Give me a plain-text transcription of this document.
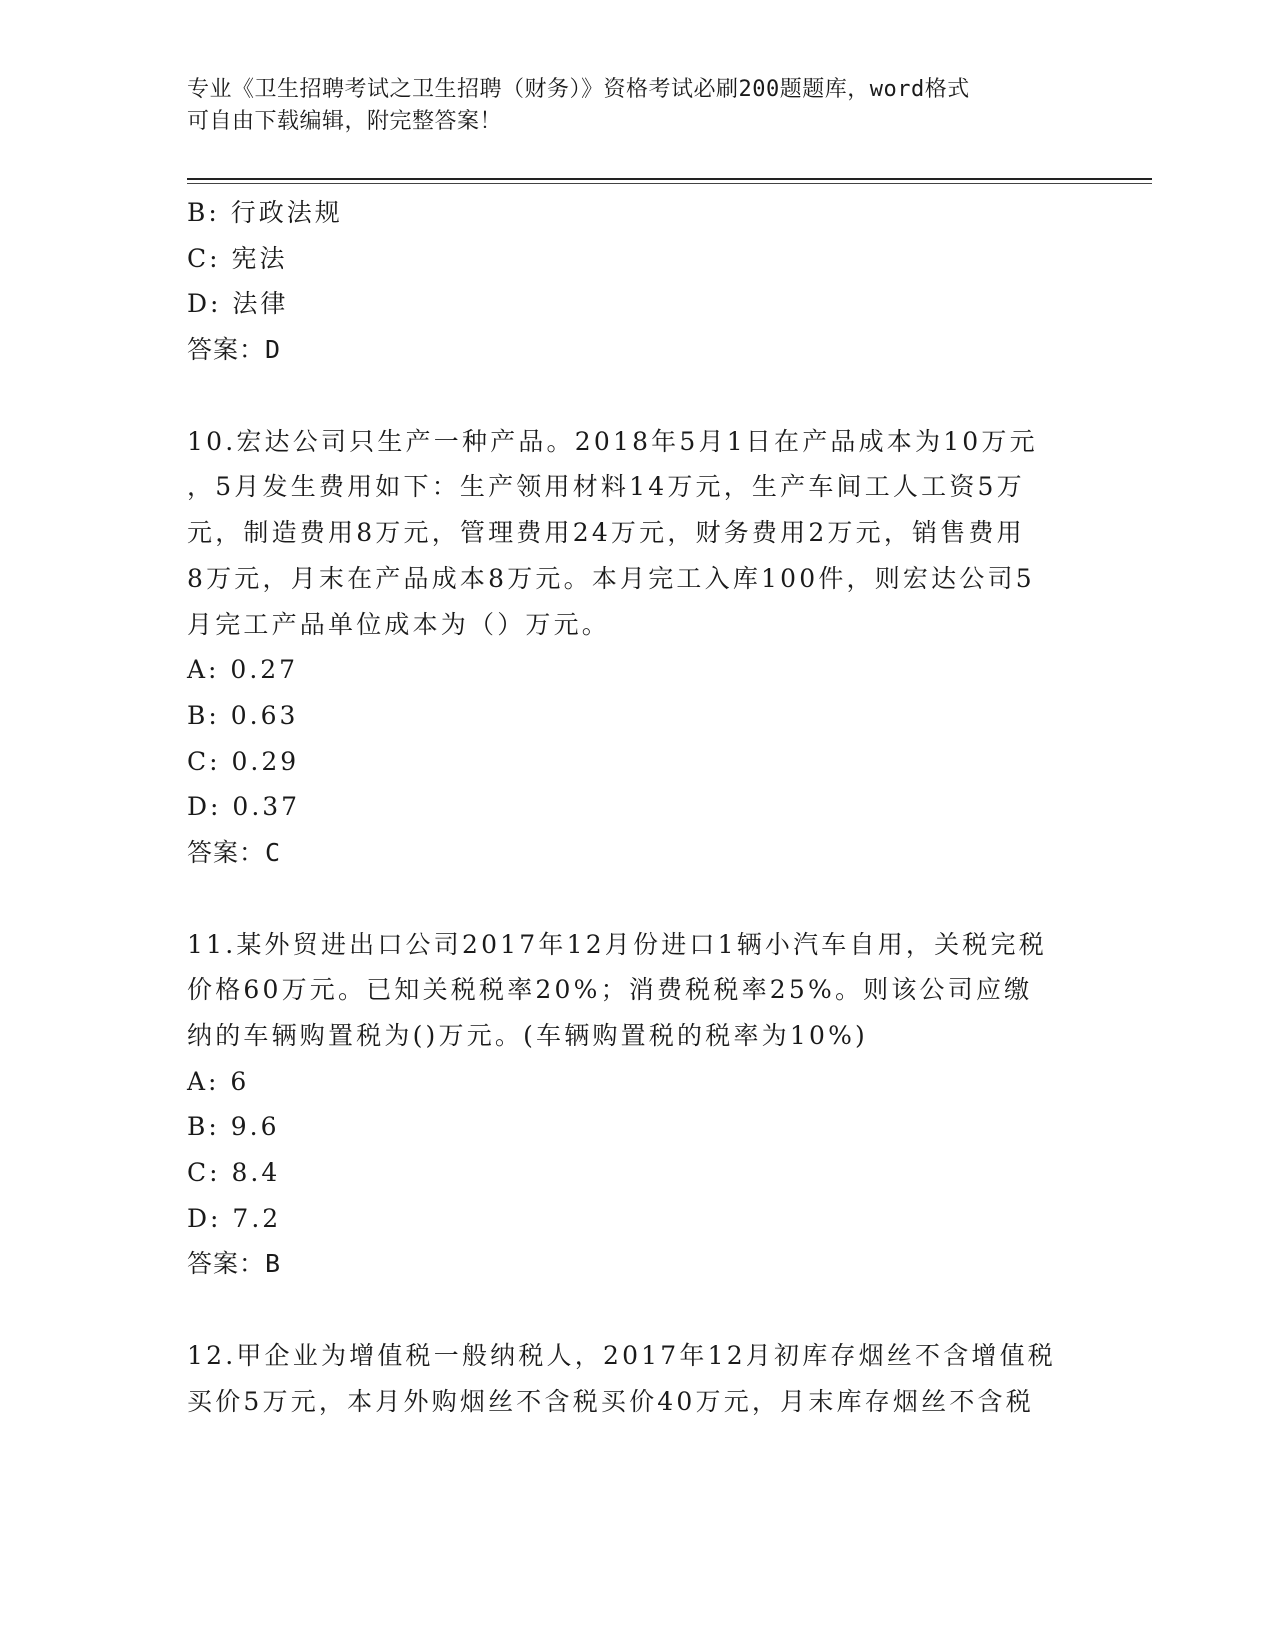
专业《卫生招聘考试之卫生招聘（财务）》资格考试必刷200题题库，word格式
可自由下载编辑，附完整答案！
B: 行政法规
C: 宪法
D: 法律
答案：D
10.宏达公司只生产一种产品。2018年5月1日在产品成本为10万元
，5月发生费用如下：生产领用材料14万元，生产车间工人工资5万
元，制造费用8万元，管理费用24万元，财务费用2万元，销售费用
8万元，月末在产品成本8万元。本月完工入库100件，则宏达公司5
月完工产品单位成本为（）万元。
A: 0.27
B: 0.63
C: 0.29
D: 0.37
答案：C
11.某外贸进出口公司2017年12月份进口1辆小汽车自用，关税完税
价格60万元。已知关税税率20%；消费税税率25%。则该公司应缴
纳的车辆购置税为()万元。(车辆购置税的税率为10%)
A: 6
B: 9.6
C: 8.4
D: 7.2
答案：B
12.甲企业为增值税一般纳税人，2017年12月初库存烟丝不含增值税
买价5万元，本月外购烟丝不含税买价40万元，月末库存烟丝不含税
